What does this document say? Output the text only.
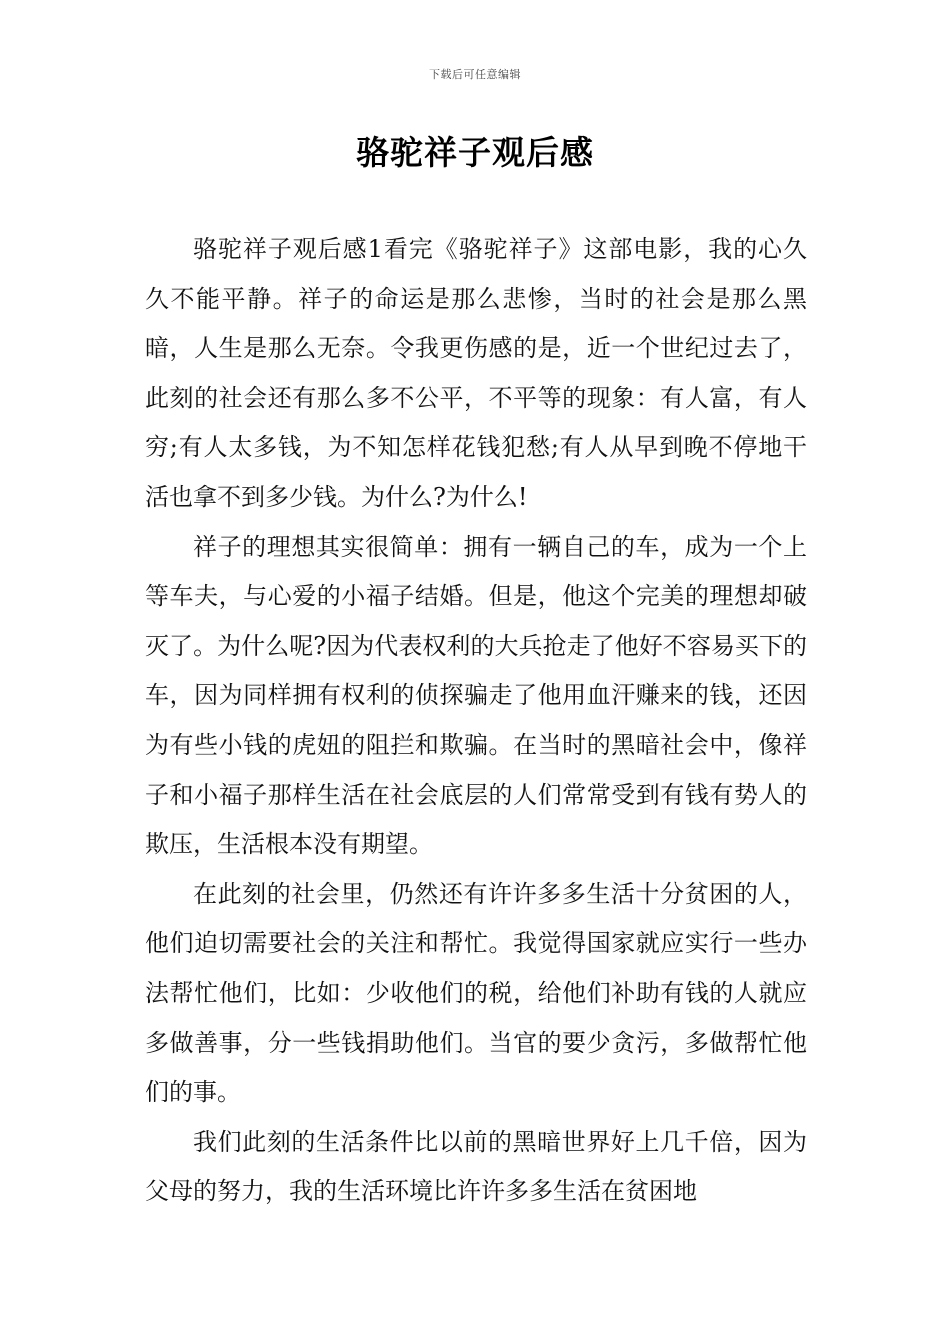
下载后可任意编辑
骆驼祥子观后感

骆驼祥子观后感1看完《骆驼祥子》这部电影，我的心久久不能平静。祥子的命运是那么悲惨，当时的社会是那么黑暗，人生是那么无奈。令我更伤感的是，近一个世纪过去了，此刻的社会还有那么多不公平，不平等的现象：有人富，有人穷;有人太多钱，为不知怎样花钱犯愁;有人从早到晚不停地干活也拿不到多少钱。为什么?为什么!

祥子的理想其实很简单：拥有一辆自己的车，成为一个上等车夫，与心爱的小福子结婚。但是，他这个完美的理想却破灭了。为什么呢?因为代表权利的大兵抢走了他好不容易买下的车，因为同样拥有权利的侦探骗走了他用血汗赚来的钱，还因为有些小钱的虎妞的阻拦和欺骗。在当时的黑暗社会中，像祥子和小福子那样生活在社会底层的人们常常受到有钱有势人的欺压，生活根本没有期望。

在此刻的社会里，仍然还有许许多多生活十分贫困的人，他们迫切需要社会的关注和帮忙。我觉得国家就应实行一些办法帮忙他们，比如：少收他们的税，给他们补助有钱的人就应多做善事，分一些钱捐助他们。当官的要少贪污，多做帮忙他们的事。

我们此刻的生活条件比以前的黑暗世界好上几千倍，因为父母的努力，我的生活环境比许许多多生活在贫困地
